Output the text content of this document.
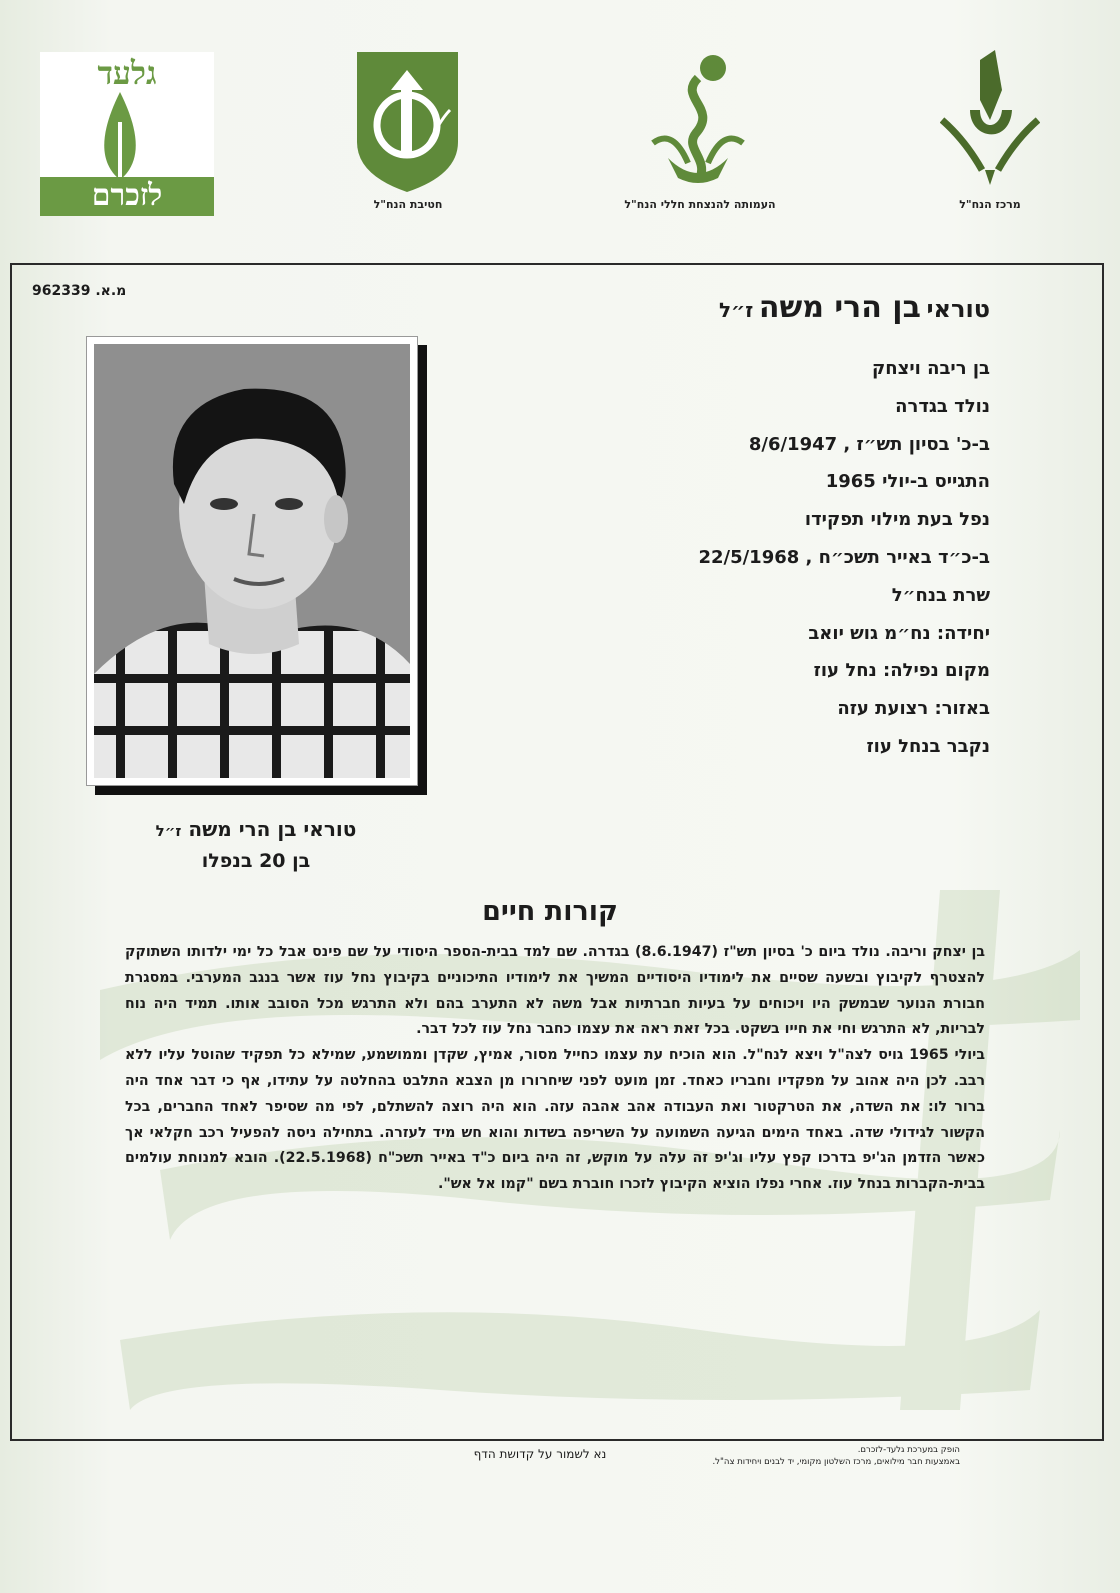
גלעד
לזכרם	חטיבת הנח"ל	העמותה להנצחת חללי הנח"ל	מרכז הנח"ל
מ.א. 962339
טוראי בן הרי משה ז״ל
בן ריבה ויצחק
נולד בגדרה
ב-כ' בסיון תש״ז , 8/6/1947
התגייס ב-יולי 1965
נפל בעת מילוי תפקידו
ב-כ״ד באייר תשכ״ח , 22/5/1968
שרת בנח״ל
יחידה: נח״מ גוש יואב
מקום נפילה: נחל עוז
באזור: רצועת עזה
נקבר בנחל עוז
טוראי בן הרי משה ז״ל
בן 20 בנפלו
קורות חיים

בן יצחק וריבה. נולד ביום כ' בסיון תש"ז (8.6.1947) בגדרה. שם למד בבית-הספר היסודי על שם פינס אבל כל ימי ילדותו השתוקק להצטרף לקיבוץ ובשעה שסיים את לימודיו היסודיים המשיך את לימודיו התיכוניים בקיבוץ נחל עוז אשר בנגב המערבי. במסגרת חבורת הנוער שבמשק היו ויכוחים על בעיות חברתיות אבל משה לא התערב בהם ולא התרגש מכל הסובב אותו. תמיד היה נוח לבריות, לא התרגש וחי את חייו בשקט. בכל זאת ראה את עצמו כחבר נחל עוז לכל דבר.

ביולי 1965 גויס לצה"ל ויצא לנח"ל. הוא הוכיח עת עצמו כחייל מסור, אמיץ, שקדן וממושמע, שמילא כל תפקיד שהוטל עליו ללא רבב. לכן היה אהוב על מפקדיו וחבריו כאחד. זמן מועט לפני שיחרורו מן הצבא התלבט בהחלטה על עתידו, אף כי דבר אחד היה ברור לו: את השדה, את הטרקטור ואת העבודה אהב אהבה עזה. הוא היה רוצה להשתלם, לפי מה שסיפר לאחד החברים, בכל הקשור לגידולי שדה. באחד הימים הגיעה השמועה על השריפה בשדות והוא חש מיד לעזרה. בתחילה ניסה להפעיל רכב חקלאי אך כאשר הזדמן הג'יפ בדרכו קפץ עליו וג'יפ זה עלה על מוקש, זה היה ביום כ"ד באייר תשכ"ח (22.5.1968). הובא למנוחת עולמים בבית-הקברות בנחל עוז. אחרי נפלו הוציא הקיבוץ לזכרו חוברת בשם "קמו אל אש".

נא לשמור על קדושת הדף	הופק במערכת גלעד-לזכרם.
באמצעות חבר מילואים, מרכז השלטון מקומי, יד לבנים ויחידות צה"ל.
